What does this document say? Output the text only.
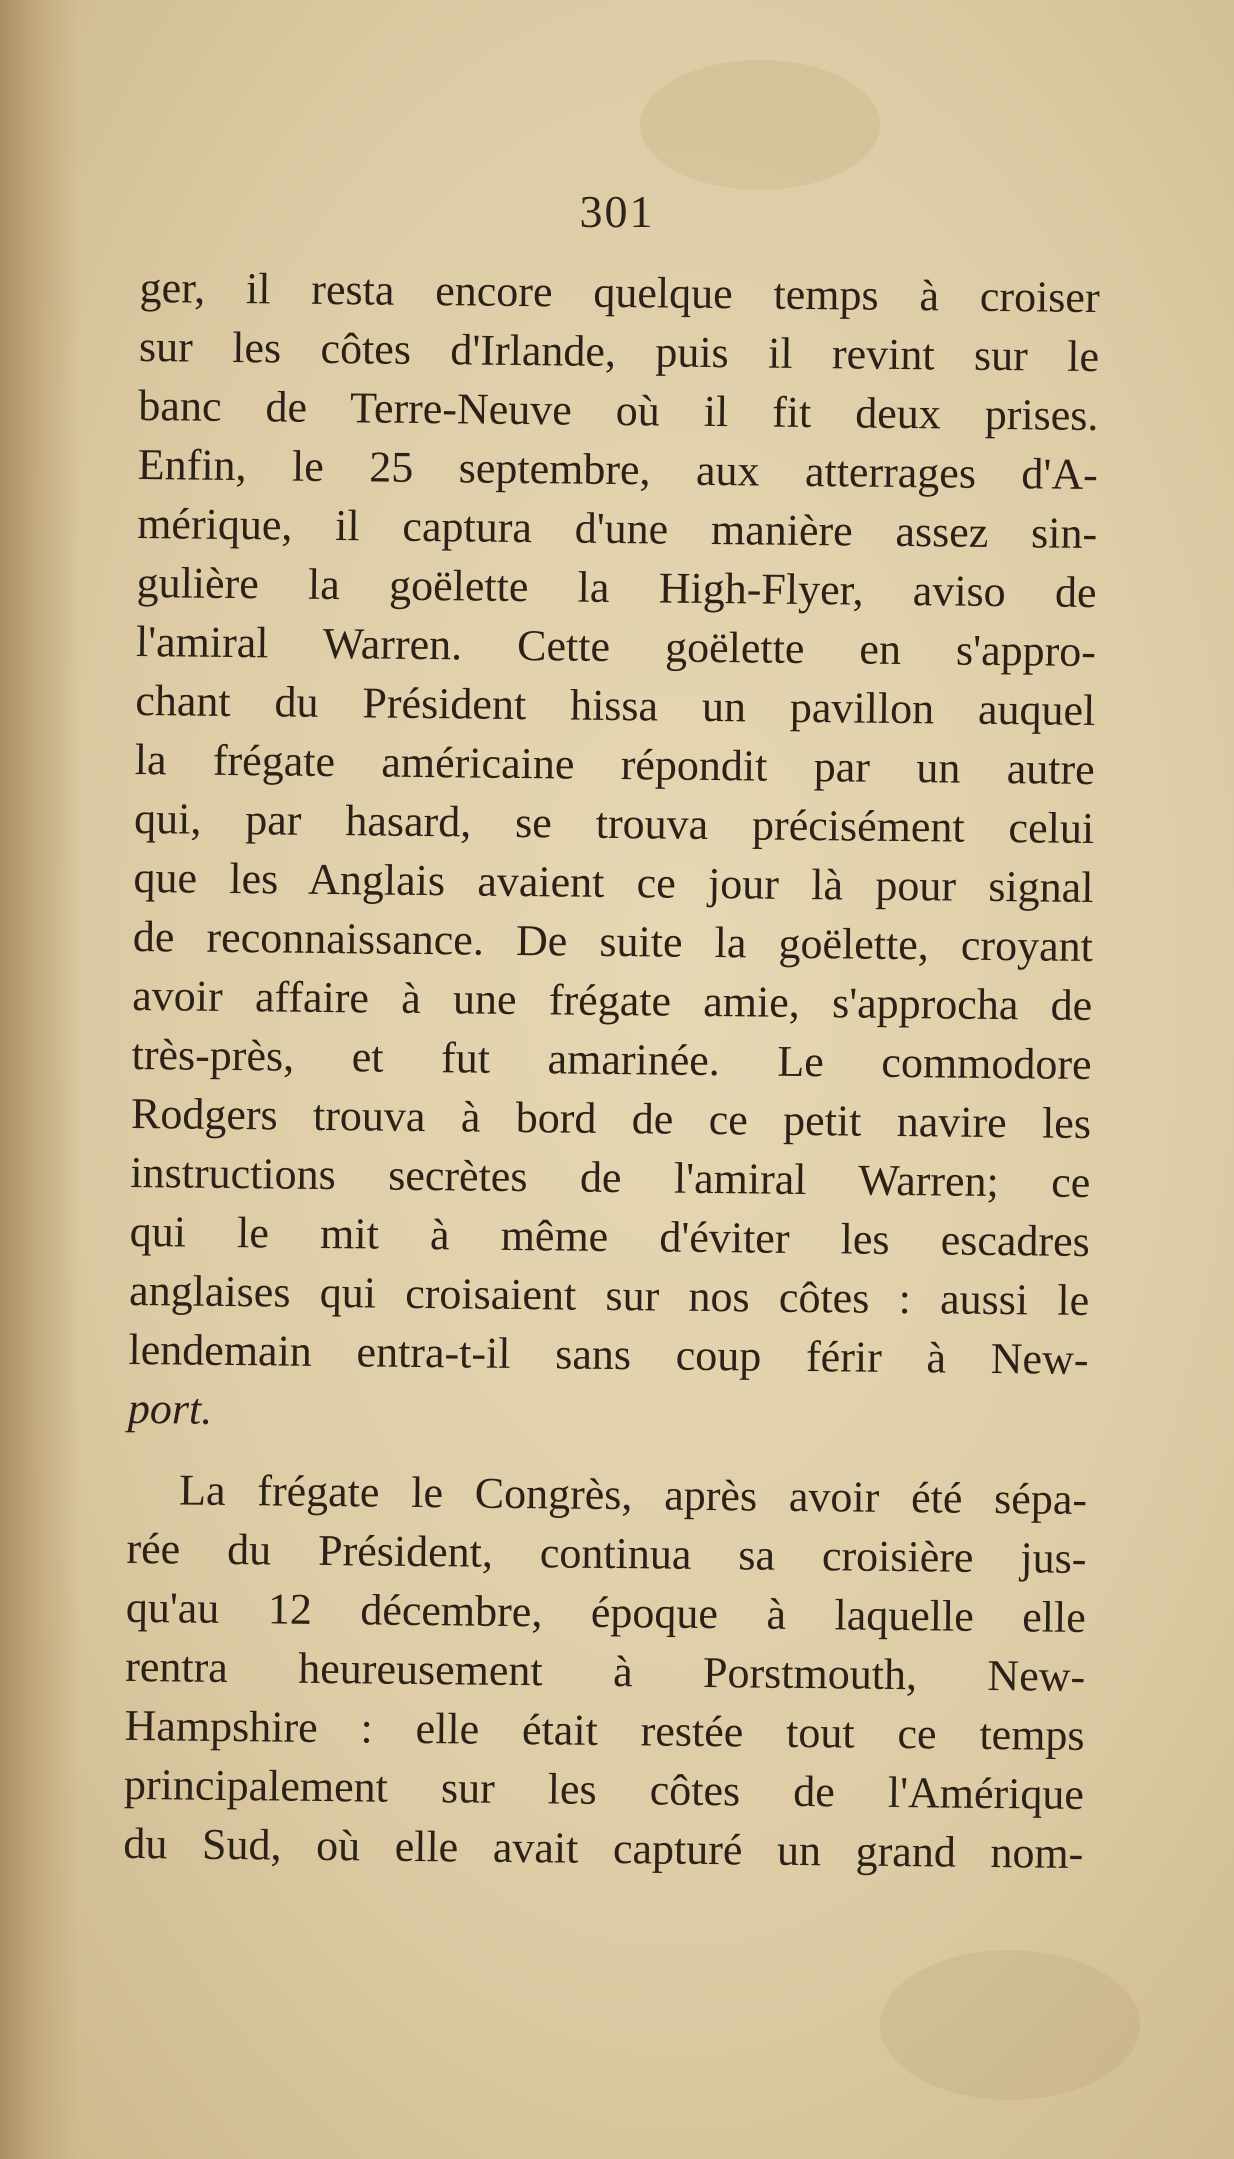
301
ger, il resta encore quelque temps à croiser
sur les côtes d'Irlande, puis il revint sur le
banc de Terre-Neuve où il fit deux prises.
Enfin, le 25 septembre, aux atterrages d'A-
mérique, il captura d'une manière assez sin-
gulière la goëlette la High-Flyer, aviso de
l'amiral Warren. Cette goëlette en s'appro-
chant du Président hissa un pavillon auquel
la frégate américaine répondit par un autre
qui, par hasard, se trouva précisément celui
que les Anglais avaient ce jour là pour signal
de reconnaissance. De suite la goëlette, croyant
avoir affaire à une frégate amie, s'approcha de
très-près, et fut amarinée. Le commodore
Rodgers trouva à bord de ce petit navire les
instructions secrètes de l'amiral Warren; ce
qui le mit à même d'éviter les escadres
anglaises qui croisaient sur nos côtes : aussi le
lendemain entra-t-il sans coup férir à New-
port.
La frégate le Congrès, après avoir été sépa-
rée du Président, continua sa croisière jus-
qu'au 12 décembre, époque à laquelle elle
rentra heureusement à Porstmouth, New-
Hampshire : elle était restée tout ce temps
principalement sur les côtes de l'Amérique
du Sud, où elle avait capturé un grand nom-
